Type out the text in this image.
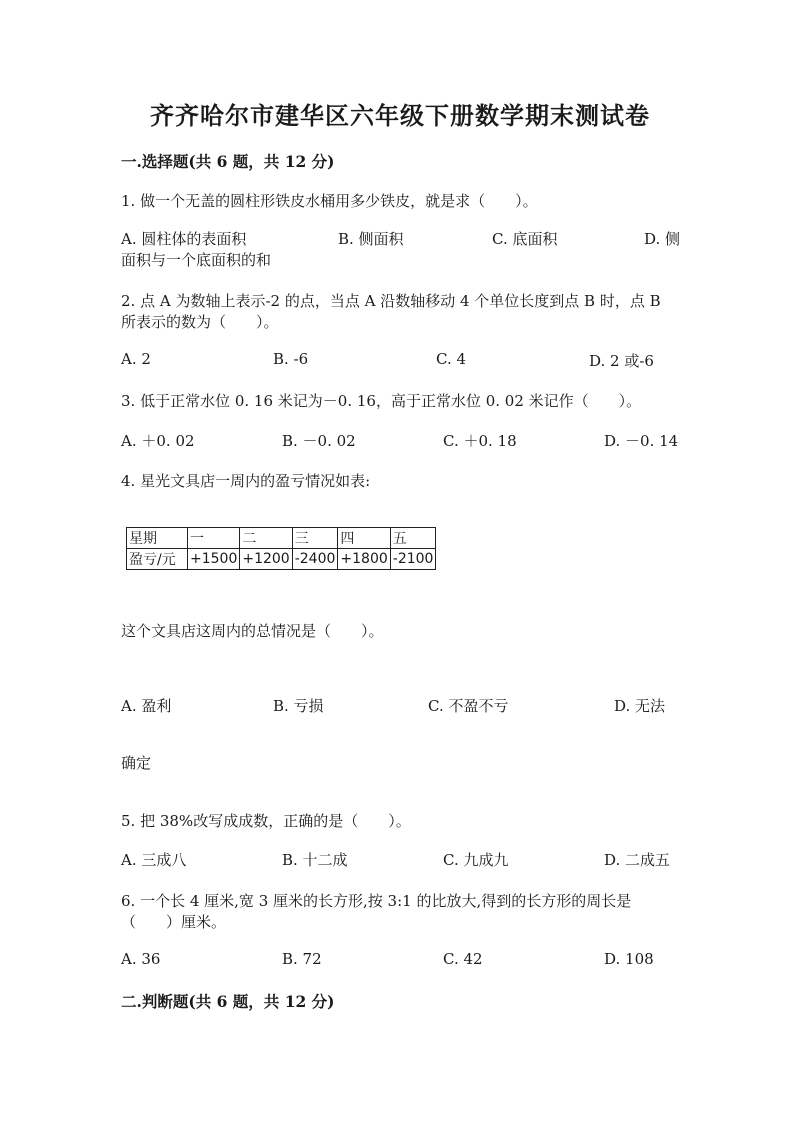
齐齐哈尔市建华区六年级下册数学期末测试卷
一.选择题(共 6 题，共 12 分)
1. 做一个无盖的圆柱形铁皮水桶用多少铁皮，就是求（　　）。
A. 圆柱体的表面积	B. 侧面积	C. 底面积	D. 侧
面积与一个底面积的和
2. 点 A 为数轴上表示-2 的点，当点 A 沿数轴移动 4 个单位长度到点 B 时，点 B
所表示的数为（　　）。
A. 2	B. -6	C. 4	D. 2 或-6
3. 低于正常水位 0. 16 米记为－0. 16，高于正常水位 0. 02 米记作（　　）。
A. ＋0. 02	B. －0. 02	C. ＋0. 18	D. －0. 14
4. 星光文具店一周内的盈亏情况如表:
星期	一	二	三	四	五
盈亏/元	+1500	+1200	-2400	+1800	-2100
这个文具店这周内的总情况是（　　）。
A. 盈利	B. 亏损	C. 不盈不亏	D. 无法
确定
5. 把 38%改写成成数，正确的是（　　）。
A. 三成八	B. 十二成	C. 九成九	D. 二成五
6. 一个长 4 厘米,宽 3 厘米的长方形,按 3:1 的比放大,得到的长方形的周长是
（　　）厘米。
A. 36	B. 72	C. 42	D. 108
二.判断题(共 6 题，共 12 分)
